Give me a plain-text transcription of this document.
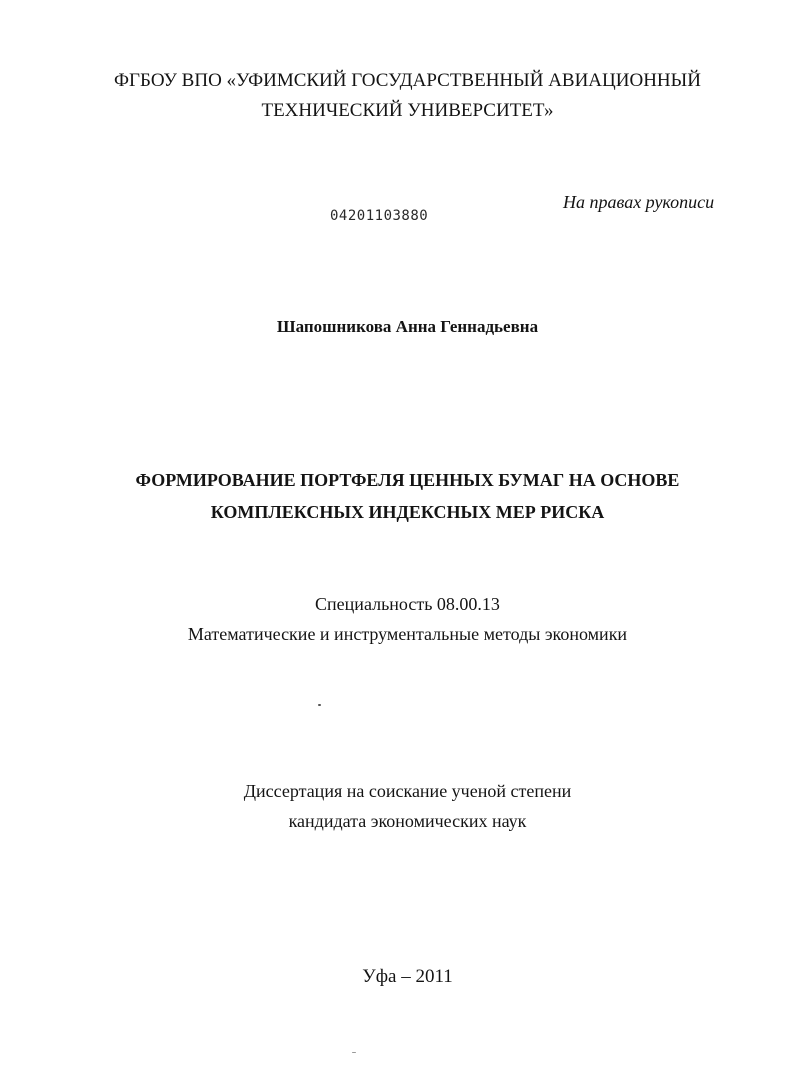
ФГБОУ ВПО «УФИМСКИЙ ГОСУДАРСТВЕННЫЙ АВИАЦИОННЫЙ
ТЕХНИЧЕСКИЙ УНИВЕРСИТЕТ»
04201103880
На правах рукописи
Шапошникова Анна Геннадьевна
ФОРМИРОВАНИЕ ПОРТФЕЛЯ ЦЕННЫХ БУМАГ НА ОСНОВЕ
КОМПЛЕКСНЫХ ИНДЕКСНЫХ МЕР РИСКА
Специальность 08.00.13
Математические и инструментальные методы экономики
Диссертация на соискание ученой степени
кандидата экономических наук
Уфа – 2011
